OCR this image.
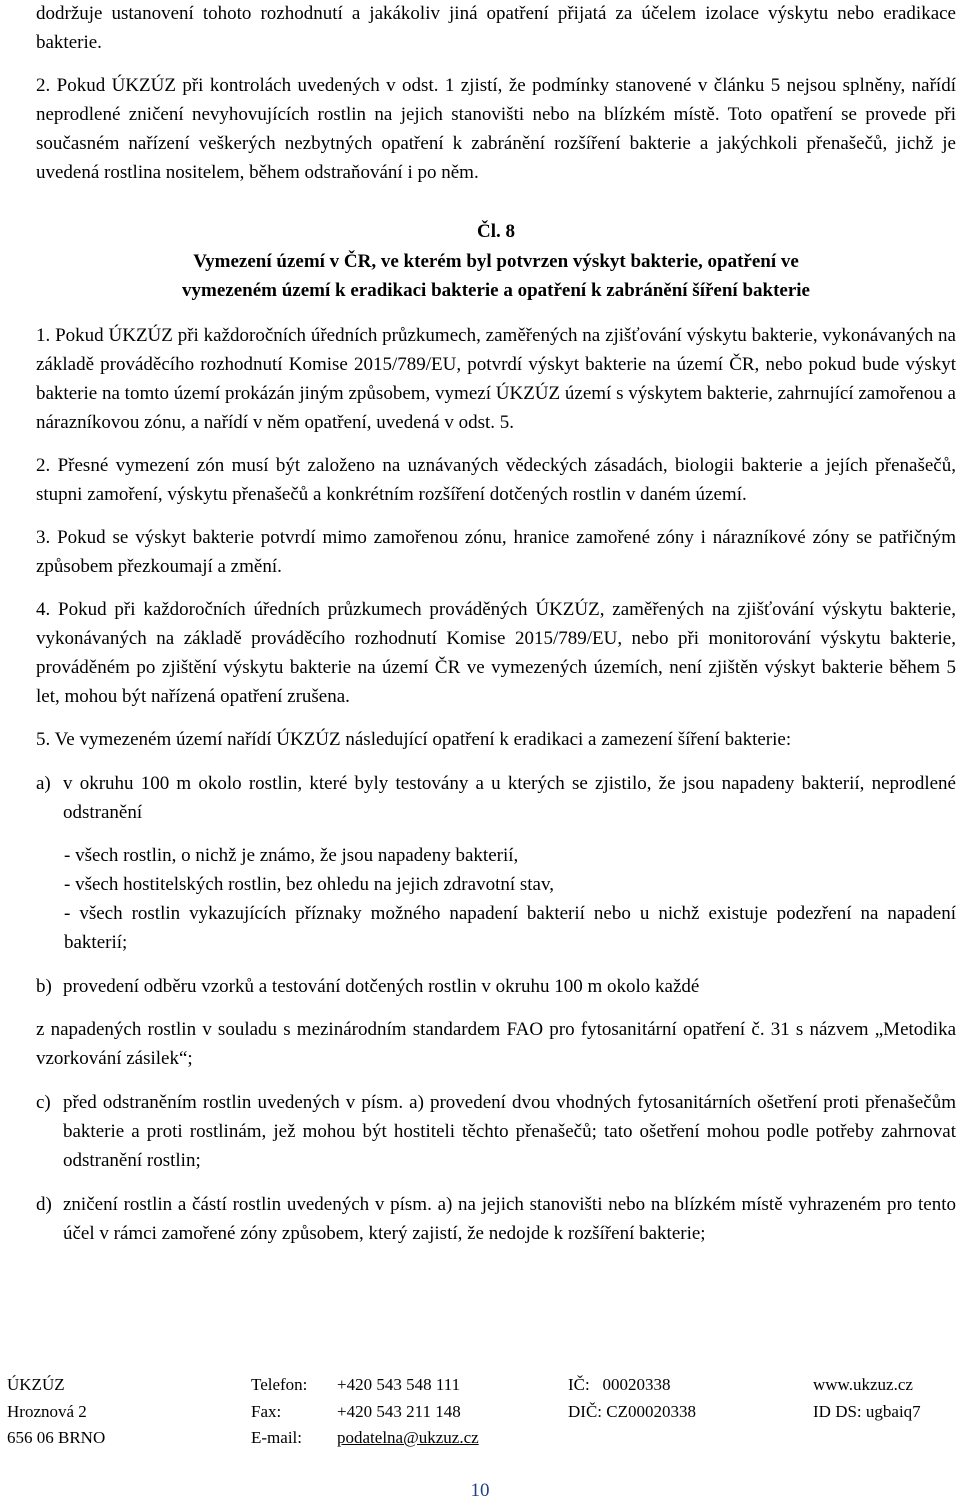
dodržuje ustanovení tohoto rozhodnutí a jakákoliv jiná opatření přijatá za účelem izolace výskytu nebo eradikace bakterie.

2. Pokud ÚKZÚZ při kontrolách uvedených v odst. 1 zjistí, že podmínky stanovené v článku 5 nejsou splněny, nařídí neprodlené zničení nevyhovujících rostlin na jejich stanovišti nebo na blízkém místě. Toto opatření se provede při současném nařízení veškerých nezbytných opatření k zabránění rozšíření bakterie a jakýchkoli přenašečů, jichž je uvedená rostlina nositelem, během odstraňování i po něm.

Čl. 8
Vymezení území v ČR, ve kterém byl potvrzen výskyt bakterie, opatření ve
vymezeném území k eradikaci bakterie a opatření k zabránění šíření bakterie

1. Pokud ÚKZÚZ při každoročních úředních průzkumech, zaměřených na zjišťování výskytu bakterie, vykonávaných na základě prováděcího rozhodnutí Komise 2015/789/EU, potvrdí výskyt bakterie na území ČR, nebo pokud bude výskyt bakterie na tomto území prokázán jiným způsobem, vymezí ÚKZÚZ území s výskytem bakterie, zahrnující zamořenou a nárazníkovou zónu, a nařídí v něm opatření, uvedená v odst. 5.

2. Přesné vymezení zón musí být založeno na uznávaných vědeckých zásadách, biologii bakterie a jejích přenašečů, stupni zamoření, výskytu přenašečů a konkrétním rozšíření dotčených rostlin v daném území.

3. Pokud se výskyt bakterie potvrdí mimo zamořenou zónu, hranice zamořené zóny i nárazníkové zóny se patřičným způsobem přezkoumají a změní.

4. Pokud při každoročních úředních průzkumech prováděných ÚKZÚZ, zaměřených na zjišťování výskytu bakterie, vykonávaných na základě prováděcího rozhodnutí Komise 2015/789/EU, nebo při monitorování výskytu bakterie, prováděném po zjištění výskytu bakterie na území ČR ve vymezených územích, není zjištěn výskyt bakterie během 5 let, mohou být nařízená opatření zrušena.

5. Ve vymezeném území nařídí ÚKZÚZ následující opatření k eradikaci a zamezení šíření bakterie:

a) v okruhu 100 m okolo rostlin, které byly testovány a u kterých se zjistilo, že jsou napadeny bakterií, neprodlené odstranění
- všech rostlin, o nichž je známo, že jsou napadeny bakterií,
- všech hostitelských rostlin, bez ohledu na jejich zdravotní stav,
- všech rostlin vykazujících příznaky možného napadení bakterií nebo u nichž existuje podezření na napadení bakterií;
b) provedení odběru vzorků a testování dotčených rostlin v okruhu 100 m okolo každé

z napadených rostlin v souladu s mezinárodním standardem FAO pro fytosanitární opatření č. 31 s názvem „Metodika vzorkování zásilek“;

c) před odstraněním rostlin uvedených v písm. a) provedení dvou vhodných fytosanitárních ošetření proti přenašečům bakterie a proti rostlinám, jež mohou být hostiteli těchto přenašečů; tato ošetření mohou podle potřeby zahrnovat odstranění rostlin;
d) zničení rostlin a částí rostlin uvedených v písm. a) na jejich stanovišti nebo na blízkém místě vyhrazeném pro tento účel v rámci zamořené zóny způsobem, který zajistí, že nedojde k rozšíření bakterie;
ÚKZÚZ
Hroznová 2
656 06 BRNO
Telefon:
Fax:
E-mail:
+420 543 548 111
+420 543 211 148
podatelna@ukzuz.cz
IČ:   00020338
DIČ: CZ00020338
www.ukzuz.cz
ID DS: ugbaiq7
10
